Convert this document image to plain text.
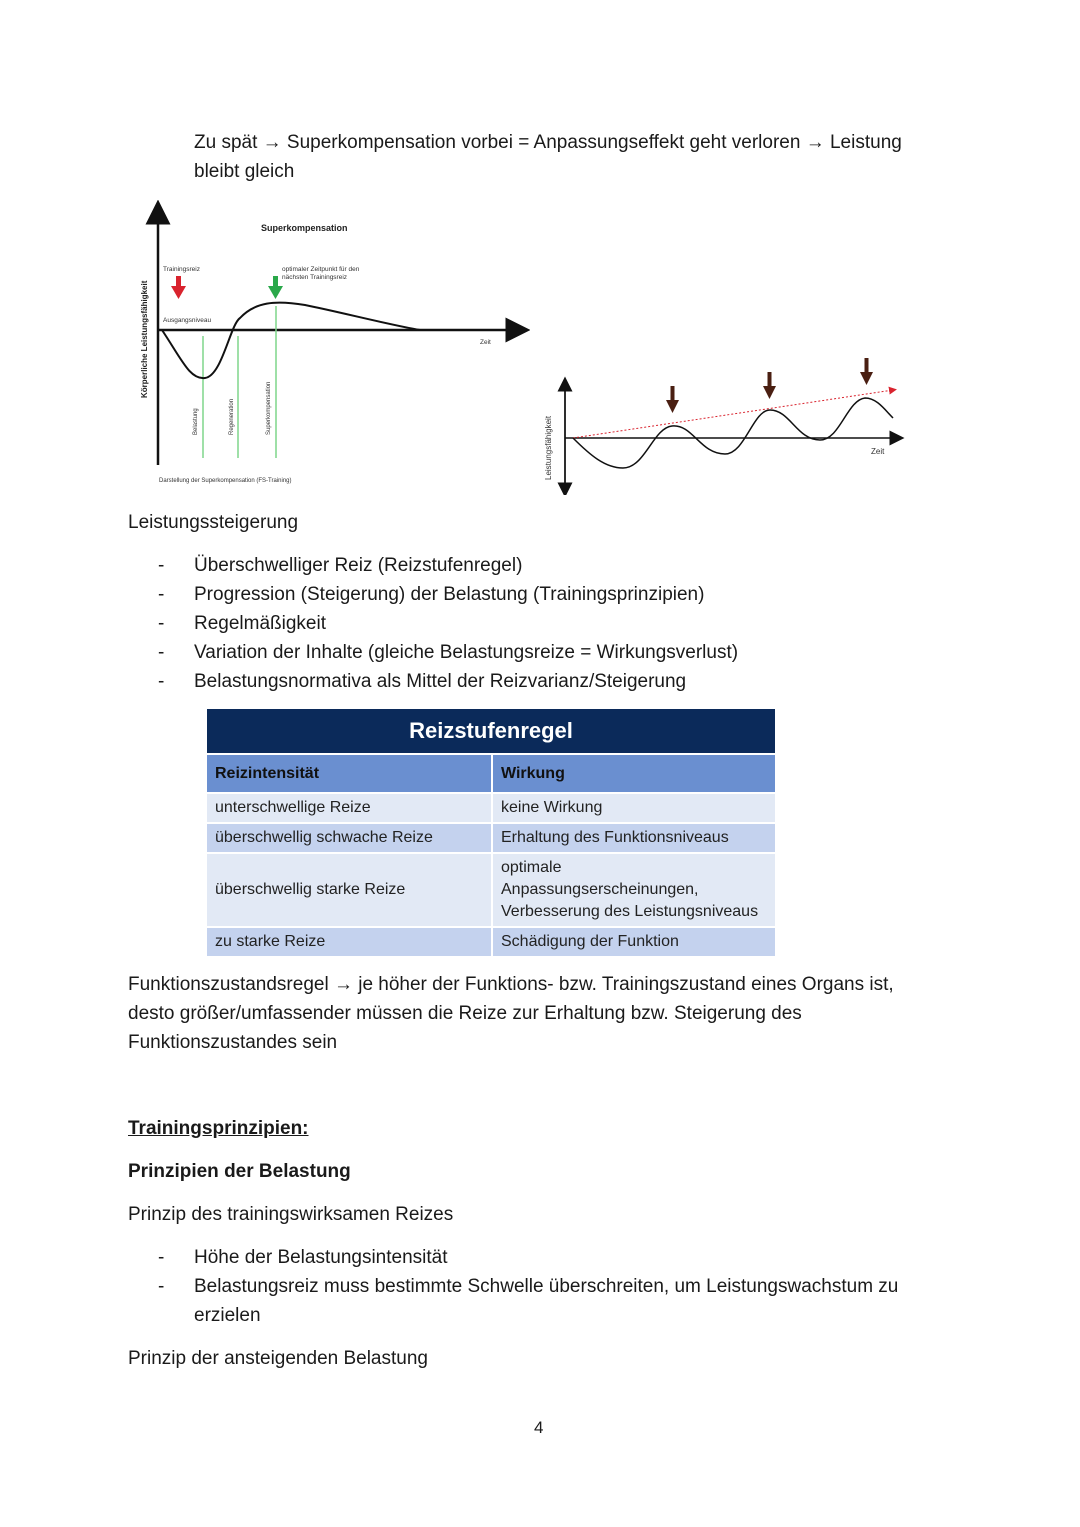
Zu spät → Superkompensation vorbei = Anpassungseffekt geht verloren → Leistung
bleibt gleich
Superkompensation
Trainingsreiz	optimaler Zeitpunkt für den
nächsten Trainingsreiz
Ausgangsniveau
Zeit
Belastung	Regeneration	Superkompensation
Körperliche Leistungsfähigkeit
Darstellung der Superkompensation (FS-Training)
Zeit
Leistungsfähigkeit
Leistungssteigerung
- Überschwelliger Reiz (Reizstufenregel)
- Progression (Steigerung) der Belastung (Trainingsprinzipien)
- Regelmäßigkeit
- Variation der Inhalte (gleiche Belastungsreize = Wirkungsverlust)
- Belastungsnormativa als Mittel der Reizvarianz/Steigerung
Reizstufenregel	
Reizintensität	Wirkung
unterschwellige Reize	keine Wirkung
überschwellig schwache Reize	Erhaltung des Funktionsniveaus
überschwellig starke Reize	optimale
Anpassungserscheinungen,
Verbesserung des Leistungsniveaus
zu starke Reize	Schädigung der Funktion
Funktionszustandsregel → je höher der Funktions- bzw. Trainingszustand eines Organs ist,
desto größer/umfassender müssen die Reize zur Erhaltung bzw. Steigerung des
Funktionszustandes sein
Trainingsprinzipien:
Prinzipien der Belastung
Prinzip des trainingswirksamen Reizes
- Höhe der Belastungsintensität
- Belastungsreiz muss bestimmte Schwelle überschreiten, um Leistungswachstum zu
erzielen
Prinzip der ansteigenden Belastung
4
